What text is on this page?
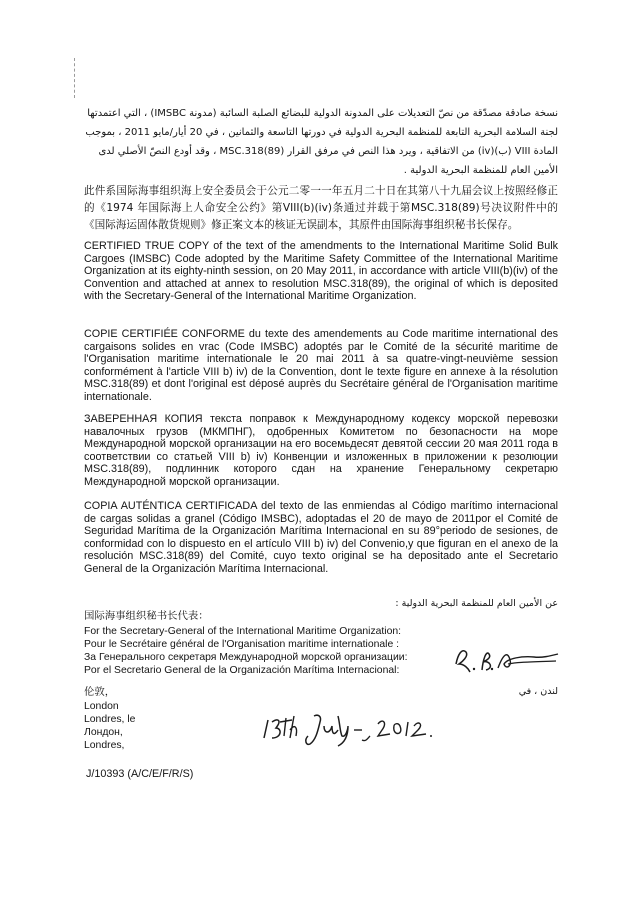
نسخة صادقة مصدّقة من نصّ التعديلات على المدونة الدولية للبضائع الصلبة السائبة (مدونة IMSBC) ، التي اعتمدتها لجنة السلامة البحرية التابعة للمنظمة البحرية الدولية في دورتها التاسعة والثمانين ، في 20 أيار/مايو 2011 ، بموجب المادة VIII (ب)(iv) من الاتفاقية ، ويرد هذا النص في مرفق القرار MSC.318(89) ، وقد أودع النصّ الأصلي لدى الأمين العام للمنظمة البحرية الدولية .
此件系国际海事组织海上安全委员会于公元二零一一年五月二十日在其第八十九届会议上按照经修正的《1974 年国际海上人命安全公约》第VIII(b)(iv)条通过并载于第MSC.318(89)号决议附件中的《国际海运固体散货规则》修正案文本的核证无误副本，其原件由国际海事组织秘书长保存。
CERTIFIED TRUE COPY of the text of the amendments to the International Maritime Solid Bulk Cargoes (IMSBC) Code adopted by the Maritime Safety Committee of the International Maritime Organization at its eighty-ninth session, on 20 May 2011, in accordance with article VIII(b)(iv) of the Convention and attached at annex to resolution MSC.318(89), the original of which is deposited with the Secretary-General of the International Maritime Organization.
COPIE CERTIFIÉE CONFORME du texte des amendements au Code maritime international des cargaisons solides en vrac (Code IMSBC) adoptés par le Comité de la sécurité maritime de l'Organisation maritime internationale le 20 mai 2011 à sa quatre-vingt-neuvième session conformément à l'article VIII b) iv) de la Convention, dont le texte figure en annexe à la résolution MSC.318(89) et dont l'original est déposé auprès du Secrétaire général de l'Organisation maritime internationale.
ЗАВЕРЕННАЯ КОПИЯ текста поправок к Международному кодексу морской перевозки навалочных грузов (МКМПНГ), одобренных Комитетом по безопасности на море Международной морской организации на его восемьдесят девятой сессии 20 мая 2011 года в соответствии со статьей VIII b) iv) Конвенции и изложенных в приложении к резолюции MSC.318(89), подлинник которого сдан на хранение Генеральному секретарю Международной морской организации.
COPIA AUTÉNTICA CERTIFICADA del texto de las enmiendas al Código marítimo internacional de cargas solidas a granel (Código IMSBC), adoptadas el 20 de mayo de 2011por el Comité de Seguridad Marítima de la Organización Marítima Internacional en su 89°periodo de sesiones, de conformidad con lo dispuesto en el artículo VIII b) iv) del Convenio,y que figuran en el anexo de la resolución MSC.318(89) del Comité, cuyo texto original se ha depositado ante el Secretario General de la Organización Marítima Internacional.
عن الأمين العام للمنظمة البحرية الدولية :
国际海事组织秘书长代表：
For the Secretary-General of the International Maritime Organization:
Pour le Secrétaire général de l'Organisation maritime internationale :
За Генерального секретаря Международной морской организации:
Por el Secretario General de la Organización Marítima Internacional:
لندن ، في
伦敦，
London
Londres, le
Лондон,
Londres,
J/10393 (A/C/E/F/R/S)
